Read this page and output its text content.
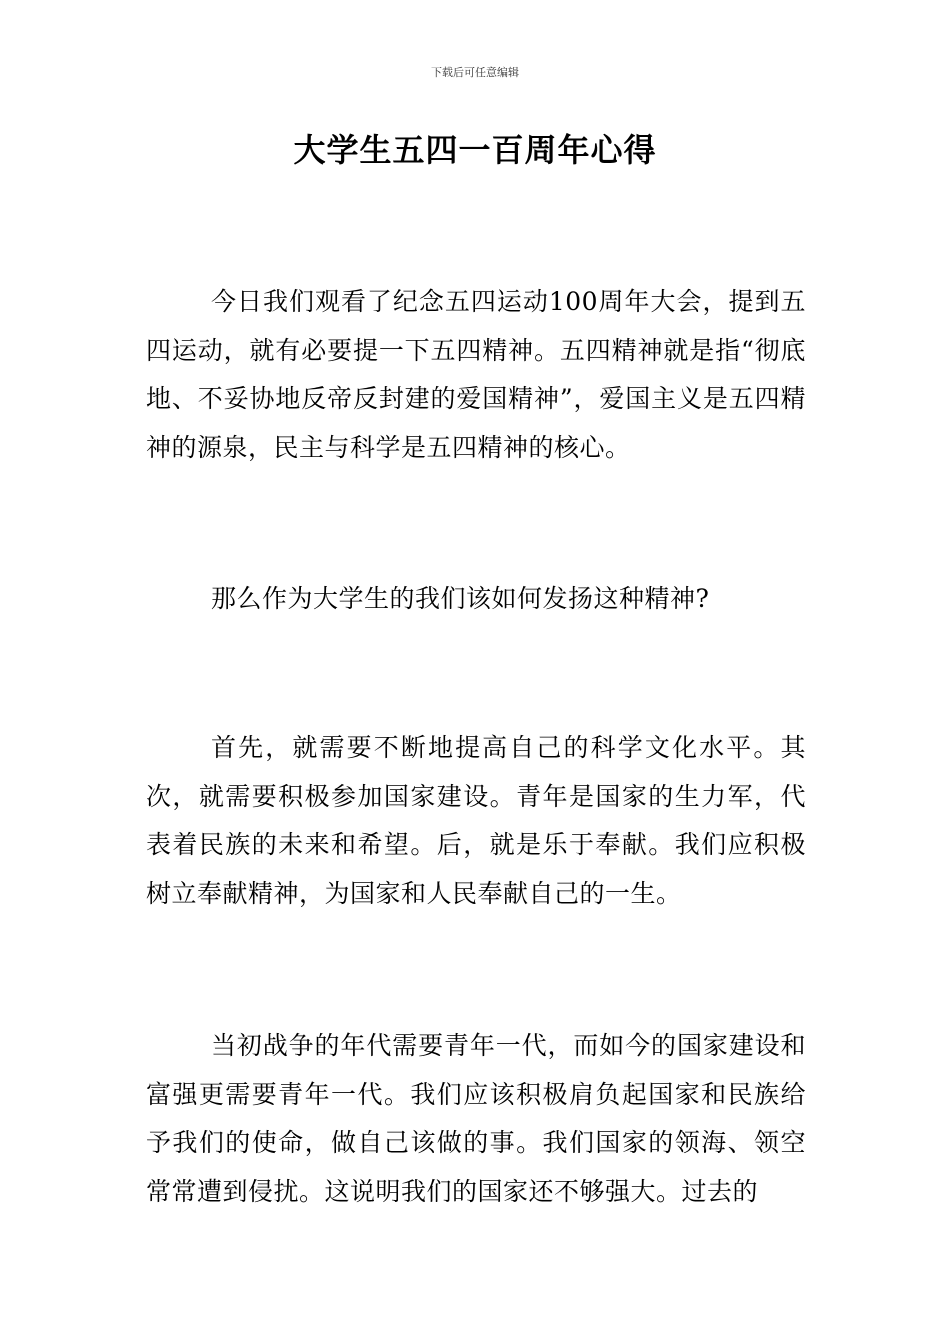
下载后可任意编辑
大学生五四一百周年心得

今日我们观看了纪念五四运动100周年大会，提到五四运动，就有必要提一下五四精神。五四精神就是指“彻底地、不妥协地反帝反封建的爱国精神”，爱国主义是五四精神的源泉，民主与科学是五四精神的核心。

那么作为大学生的我们该如何发扬这种精神?

首先，就需要不断地提高自己的科学文化水平。其次，就需要积极参加国家建设。青年是国家的生力军，代表着民族的未来和希望。后，就是乐于奉献。我们应积极树立奉献精神，为国家和人民奉献自己的一生。

当初战争的年代需要青年一代，而如今的国家建设和富强更需要青年一代。我们应该积极肩负起国家和民族给予我们的使命，做自己该做的事。我们国家的领海、领空常常遭到侵扰。这说明我们的国家还不够强大。过去的
